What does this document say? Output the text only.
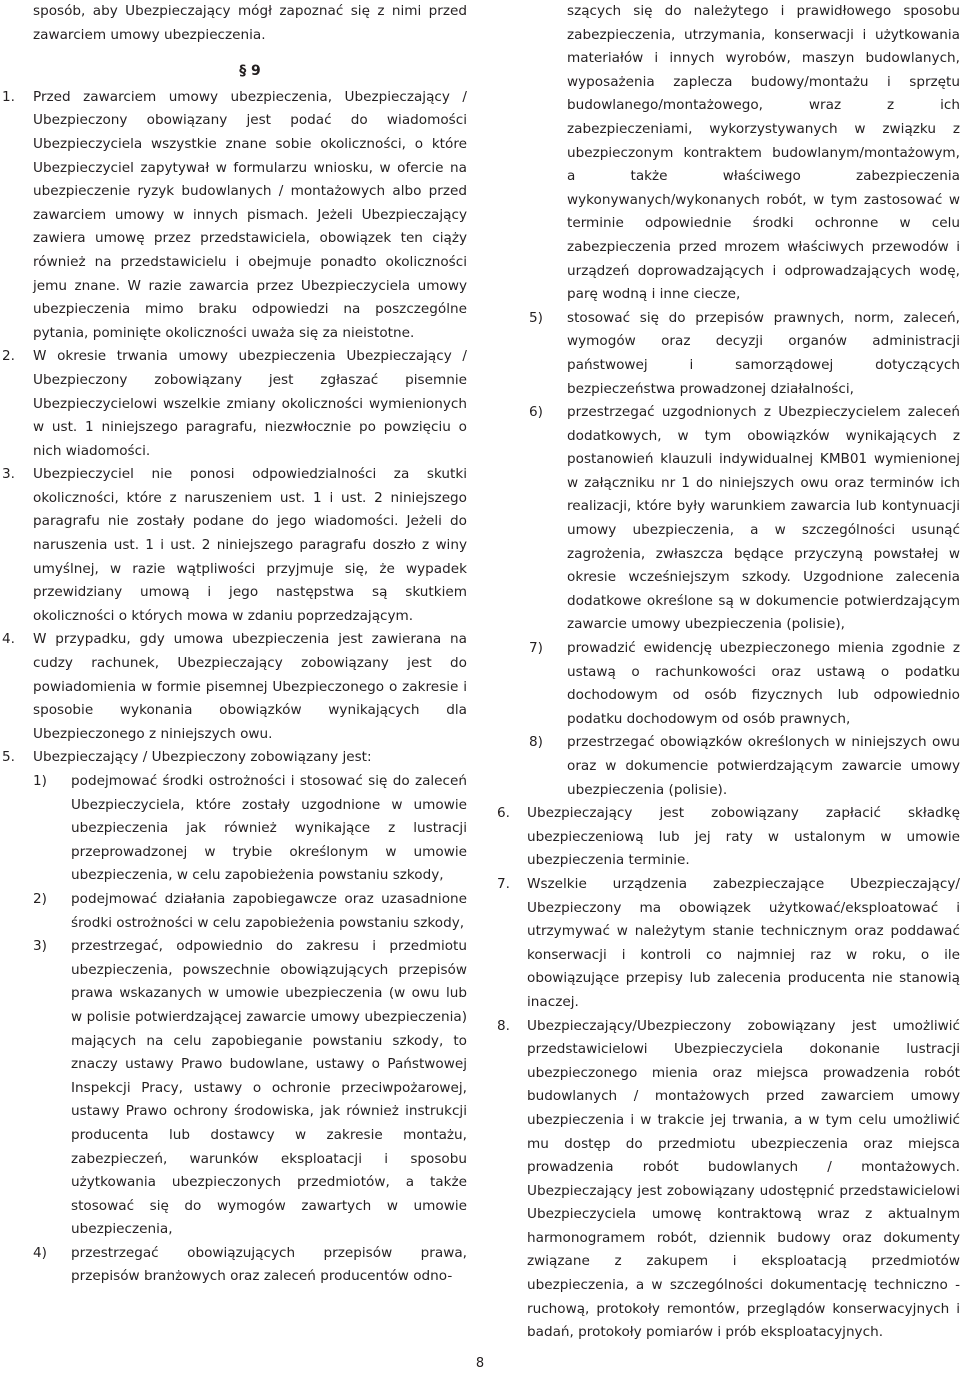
sposób, aby Ubezpieczający mógł zapoznać się z nimi przed zawarciem umowy ubezpieczenia.

§ 9

1.	Przed zawarciem umowy ubezpieczenia, Ubezpieczający / Ubezpieczony obowiązany jest podać do wiadomości Ubezpieczyciela wszystkie znane sobie okoliczności, o które Ubezpieczyciel zapytywał w formularzu wniosku, w ofercie na ubezpieczenie ryzyk budowlanych / montażowych albo przed zawarciem umowy w innych pismach. Jeżeli Ubezpieczający zawiera umowę przez przedstawiciela, obowiązek ten ciąży również na przedstawicielu i obejmuje ponadto okoliczności jemu znane. W razie zawarcia przez Ubezpieczyciela umowy ubezpieczenia mimo braku odpowiedzi na poszczególne pytania, pominięte okoliczności uważa się za nieistotne.
2.	W okresie trwania umowy ubezpieczenia Ubezpieczający / Ubezpieczony zobowiązany jest zgłaszać pisemnie Ubezpieczycielowi wszelkie zmiany okoliczności wymienionych w ust. 1 niniejszego paragrafu, niezwłocznie po powzięciu o nich wiadomości.
3.	Ubezpieczyciel nie ponosi odpowiedzialności za skutki okoliczności, które z naruszeniem ust. 1 i ust. 2 niniejszego paragrafu nie zostały podane do jego wiadomości. Jeżeli do naruszenia ust. 1 i ust. 2 niniejszego paragrafu doszło z winy umyślnej, w razie wątpliwości przyjmuje się, że wypadek przewidziany umową i jego następstwa są skutkiem okoliczności o których mowa w zdaniu poprzedzającym.
4.	W przypadku, gdy umowa ubezpieczenia jest zawierana na cudzy rachunek, Ubezpieczający zobowiązany jest do powiadomienia w formie pisemnej Ubezpieczonego o zakresie i sposobie wykonania obowiązków wynikających dla Ubezpieczonego z niniejszych owu.
5.	Ubezpieczający / Ubezpieczony zobowiązany jest:
1) podejmować środki ostrożności i stosować się do zaleceń Ubezpieczyciela, które zostały uzgodnione w umowie ubezpieczenia jak również wynikające z lustracji przeprowadzonej w trybie określonym w umowie ubezpieczenia, w celu zapobieżenia powstaniu szkody,
2) podejmować działania zapobiegawcze oraz uzasadnione środki ostrożności w celu zapobieżenia powstaniu szkody,
3) przestrzegać, odpowiednio do zakresu i przedmiotu ubezpieczenia, powszechnie obowiązujących przepisów prawa wskazanych w umowie ubezpieczenia (w owu lub w polisie potwierdzającej zawarcie umowy ubezpieczenia) mających na celu zapobieganie powstaniu szkody, to znaczy ustawy Prawo budowlane, ustawy o Państwowej Inspekcji Pracy, ustawy o ochronie przeciwpożarowej, ustawy Prawo ochrony środowiska, jak również instrukcji producenta lub dostawcy w zakresie montażu, zabezpieczeń, warunków eksploatacji i sposobu użytkowania ubezpieczonych przedmiotów, a także stosować się do wymogów zawartych w umowie ubezpieczenia,
4) przestrzegać obowiązujących przepisów prawa, przepisów branżowych oraz zaleceń producentów odno-

szących się do należytego i prawidłowego sposobu zabezpieczenia, utrzymania, konserwacji i użytkowania materiałów i innych wyrobów, maszyn budowlanych, wyposażenia zaplecza budowy/montażu i sprzętu budowlanego/montażowego, wraz z ich zabezpieczeniami, wykorzystywanych w związku z ubezpieczonym kontraktem budowlanym/montażowym, a także właściwego zabezpieczenia wykonywanych/wykonanych robót, w tym zastosować w terminie odpowiednie środki ochronne w celu zabezpieczenia przed mrozem właściwych przewodów i urządzeń doprowadzających i odprowadzających wodę, parę wodną i inne ciecze,

5) stosować się do przepisów prawnych, norm, zaleceń, wymogów oraz decyzji organów administracji państwowej i samorządowej dotyczących bezpieczeństwa prowadzonej działalności,
6) przestrzegać uzgodnionych z Ubezpieczycielem zaleceń dodatkowych, w tym obowiązków wynikających z postanowień klauzuli indywidualnej KMB01 wymienionej w załączniku nr 1 do niniejszych owu oraz terminów ich realizacji, które były warunkiem zawarcia lub kontynuacji umowy ubezpieczenia, a w szczególności usunąć zagrożenia, zwłaszcza będące przyczyną powstałej w okresie wcześniejszym szkody. Uzgodnione zalecenia dodatkowe określone są w dokumencie potwierdzającym zawarcie umowy ubezpieczenia (polisie),
7) prowadzić ewidencję ubezpieczonego mienia zgodnie z ustawą o rachunkowości oraz ustawą o podatku dochodowym od osób fizycznych lub odpowiednio podatku dochodowym od osób prawnych,
8) przestrzegać obowiązków określonych w niniejszych owu oraz w dokumencie potwierdzającym zawarcie umowy ubezpieczenia (polisie).
6. Ubezpieczający jest zobowiązany zapłacić składkę ubezpieczeniową lub jej raty w ustalonym w umowie ubezpieczenia terminie.
7. Wszelkie urządzenia zabezpieczające Ubezpieczający/ Ubezpieczony ma obowiązek użytkować/eksploatować i utrzymywać w należytym stanie technicznym oraz poddawać konserwacji i kontroli co najmniej raz w roku, o ile obowiązujące przepisy lub zalecenia producenta nie stanowią inaczej.
8. Ubezpieczający/Ubezpieczony zobowiązany jest umożliwić przedstawicielowi Ubezpieczyciela dokonanie lustracji ubezpieczonego mienia oraz miejsca prowadzenia robót budowlanych / montażowych przed zawarciem umowy ubezpieczenia i w trakcie jej trwania, a w tym celu umożliwić mu dostęp do przedmiotu ubezpieczenia oraz miejsca prowadzenia robót budowlanych / montażowych. Ubezpieczający jest zobowiązany udostępnić przedstawicielowi Ubezpieczyciela umowę kontraktową wraz z aktualnym harmonogramem robót, dziennik budowy oraz dokumenty związane z zakupem i eksploatacją przedmiotów ubezpieczenia, a w szczególności dokumentację techniczno - ruchową, protokoły remontów, przeglądów konserwacyjnych i badań, protokoły pomiarów i prób eksploatacyjnych.
8
